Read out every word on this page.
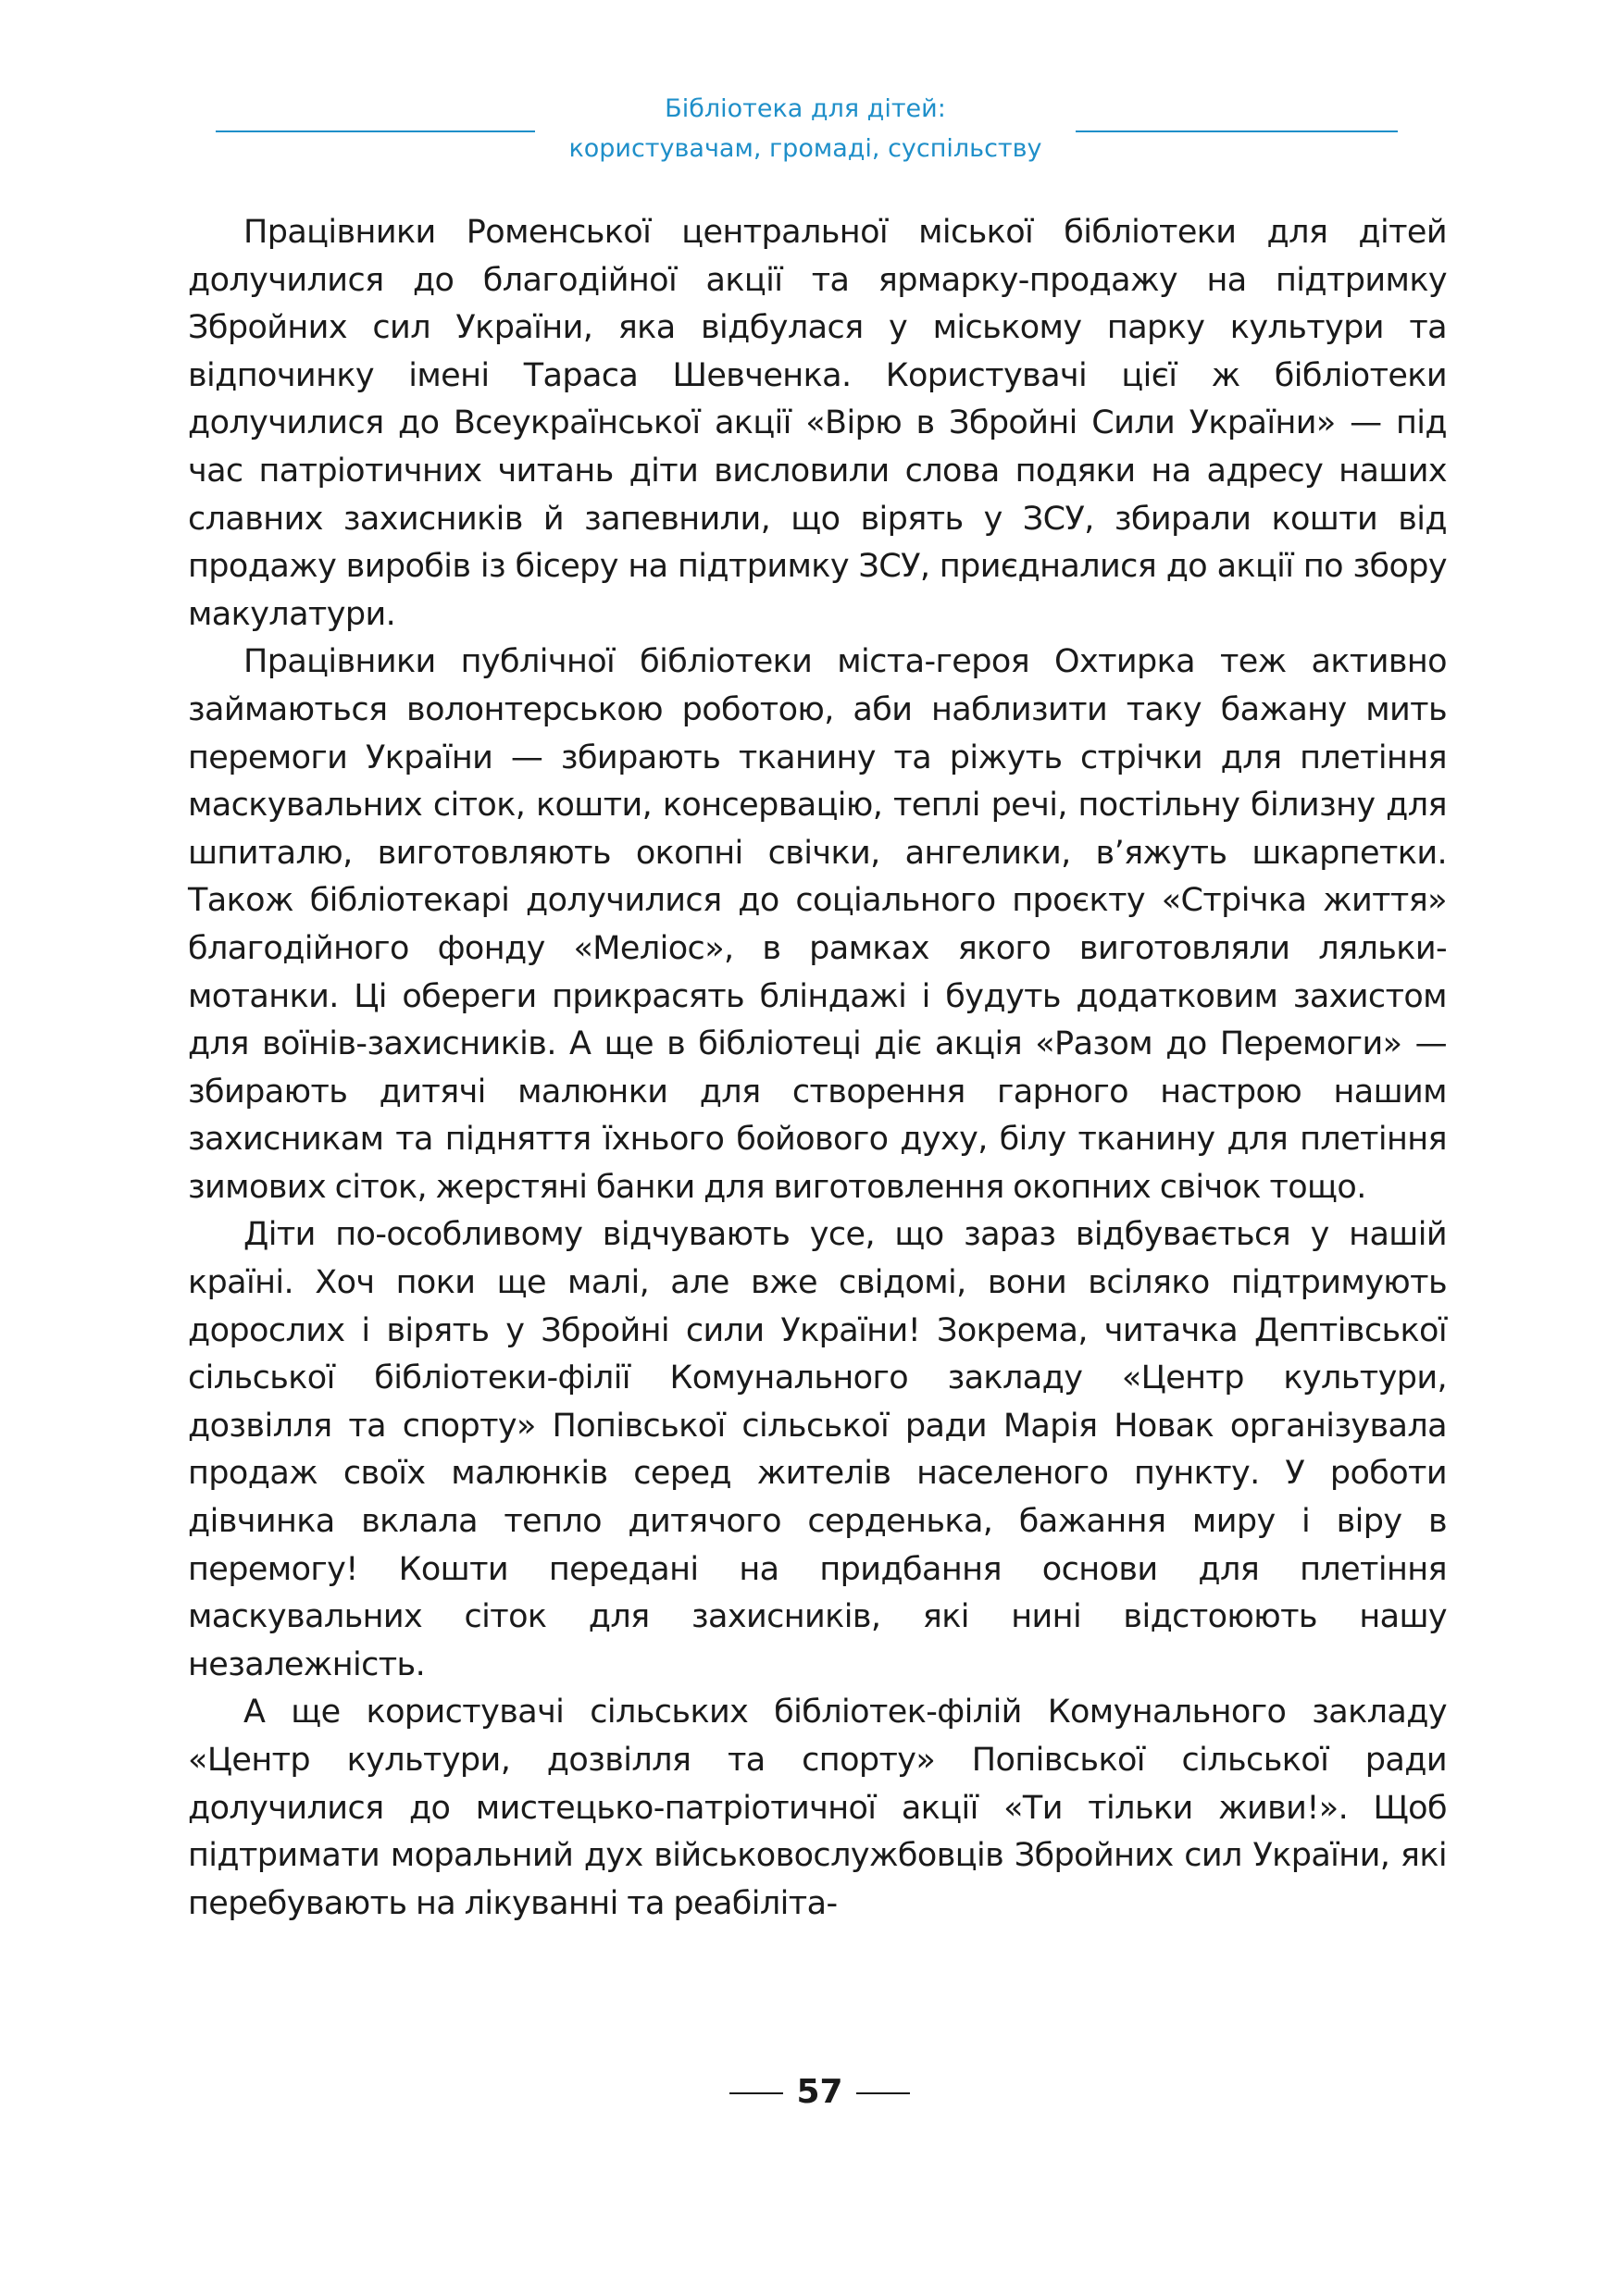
Бібліотека для дітей:
користувачам, громаді, суспільству

Працівники Роменської центральної міської бібліотеки для дітей долучилися до благодійної акції та ярмарку-продажу на підтримку Збройних сил України, яка відбулася у міському парку культури та відпочинку імені Тараса Шевченка. Користувачі цієї ж бібліотеки долучилися до Всеукраїнської акції «Вірю в Збройні Сили України» — під час патріотичних читань діти висловили слова подяки на адресу наших славних захисників й запевнили, що вірять у ЗСУ, збирали кошти від продажу виробів із бісеру на підтримку ЗСУ, приєдналися до акції по збору макулатури.

Працівники публічної бібліотеки міста-героя Охтирка теж активно займаються волонтерською роботою, аби наблизити таку бажану мить перемоги України — збирають тканину та ріжуть стрічки для плетіння маскувальних сіток, кошти, консервацію, теплі речі, постільну білизну для шпиталю, виготовляють окопні свічки, ангелики, в’яжуть шкарпетки. Також бібліотекарі долучилися до соціального проєкту «Стрічка життя» благодійного фонду «Меліос», в рамках якого виготовляли ляльки-мотанки. Ці обереги прикрасять бліндажі і будуть додатковим захистом для воїнів-захисників. А ще в бібліотеці діє акція «Разом до Перемоги» — збирають дитячі малюнки для створення гарного настрою нашим захисникам та підняття їхнього бойового духу, білу тканину для плетіння зимових сіток, жерстяні банки для виготовлення окопних свічок тощо.

Діти по-особливому відчувають усе, що зараз відбувається у нашій країні. Хоч поки ще малі, але вже свідомі, вони всіляко підтримують дорослих і вірять у Збройні сили України! Зокрема, читачка Дептівської сільської бібліотеки-філії Комунального закладу «Центр культури, дозвілля та спорту» Попівської сільської ради Марія Новак організувала продаж своїх малюнків серед жителів населеного пункту. У роботи дівчинка вклала тепло дитячого серденька, бажання миру і віру в перемогу! Кошти передані на придбання основи для плетіння маскувальних сіток для захисників, які нині відстоюють нашу незалежність.

А ще користувачі сільських бібліотек-філій Комунального закладу «Центр культури, дозвілля та спорту» Попівської сільської ради долучилися до мистецько-патріотичної акції «Ти тільки живи!». Щоб підтримати моральний дух військовослужбовців Збройних сил України, які перебувають на лікуванні та реабіліта-

57
